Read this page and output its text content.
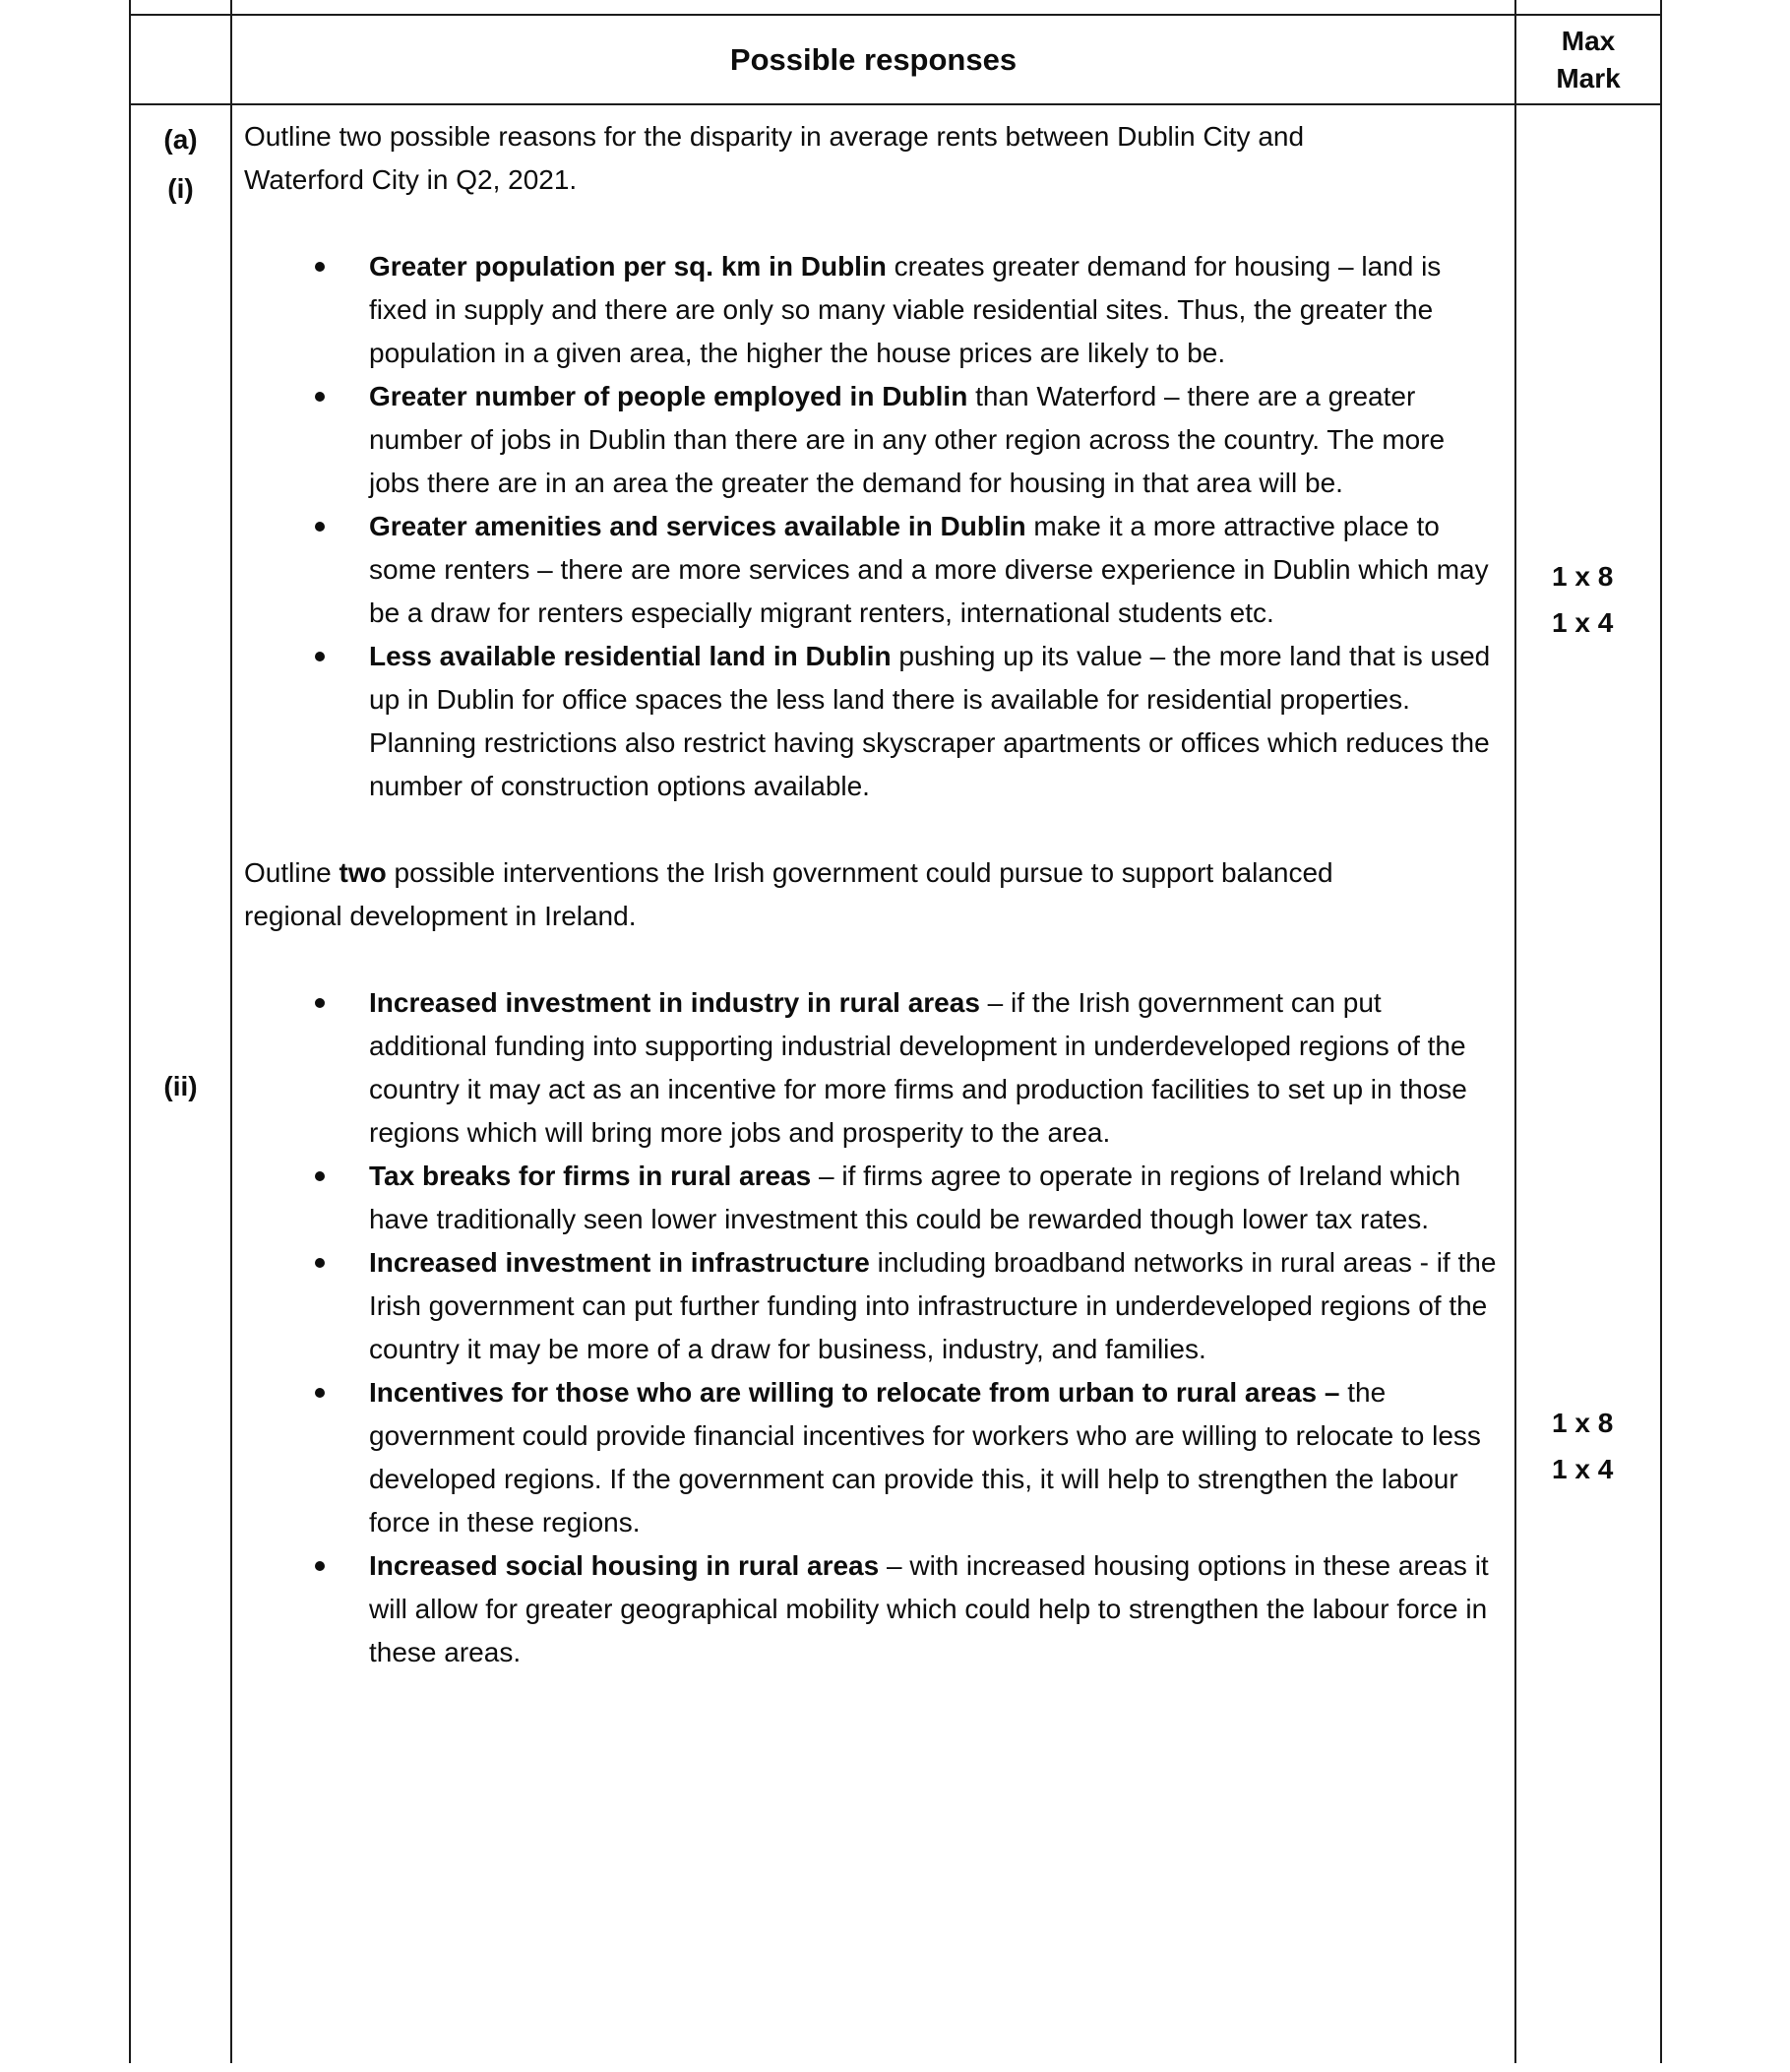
Possible responses
Max
Mark
(a)
(i)
(ii)

Outline two possible reasons for the disparity in average rents between Dublin City and Waterford City in Q2, 2021.

Greater population per sq. km in Dublin creates greater demand for housing – land is fixed in supply and there are only so many viable residential sites. Thus, the greater the population in a given area, the higher the house prices are likely to be.
Greater number of people employed in Dublin than Waterford – there are a greater number of jobs in Dublin than there are in any other region across the country. The more jobs there are in an area the greater the demand for housing in that area will be.
Greater amenities and services available in Dublin make it a more attractive place to some renters – there are more services and a more diverse experience in Dublin which may be a draw for renters especially migrant renters, international students etc.
Less available residential land in Dublin pushing up its value – the more land that is used up in Dublin for office spaces the less land there is available for residential properties. Planning restrictions also restrict having skyscraper apartments or offices which reduces the number of construction options available.

Outline two possible interventions the Irish government could pursue to support balanced regional development in Ireland.

Increased investment in industry in rural areas – if the Irish government can put additional funding into supporting industrial development in underdeveloped regions of the country it may act as an incentive for more firms and production facilities to set up in those regions which will bring more jobs and prosperity to the area.
Tax breaks for firms in rural areas – if firms agree to operate in regions of Ireland which have traditionally seen lower investment this could be rewarded though lower tax rates.
Increased investment in infrastructure including broadband networks in rural areas - if the Irish government can put further funding into infrastructure in underdeveloped regions of the country it may be more of a draw for business, industry, and families.
Incentives for those who are willing to relocate from urban to rural areas – the government could provide financial incentives for workers who are willing to relocate to less developed regions. If the government can provide this, it will help to strengthen the labour force in these regions.
Increased social housing in rural areas – with increased housing options in these areas it will allow for greater geographical mobility which could help to strengthen the labour force in these areas.
1 x 8
1 x 4
1 x 8
1 x 4
